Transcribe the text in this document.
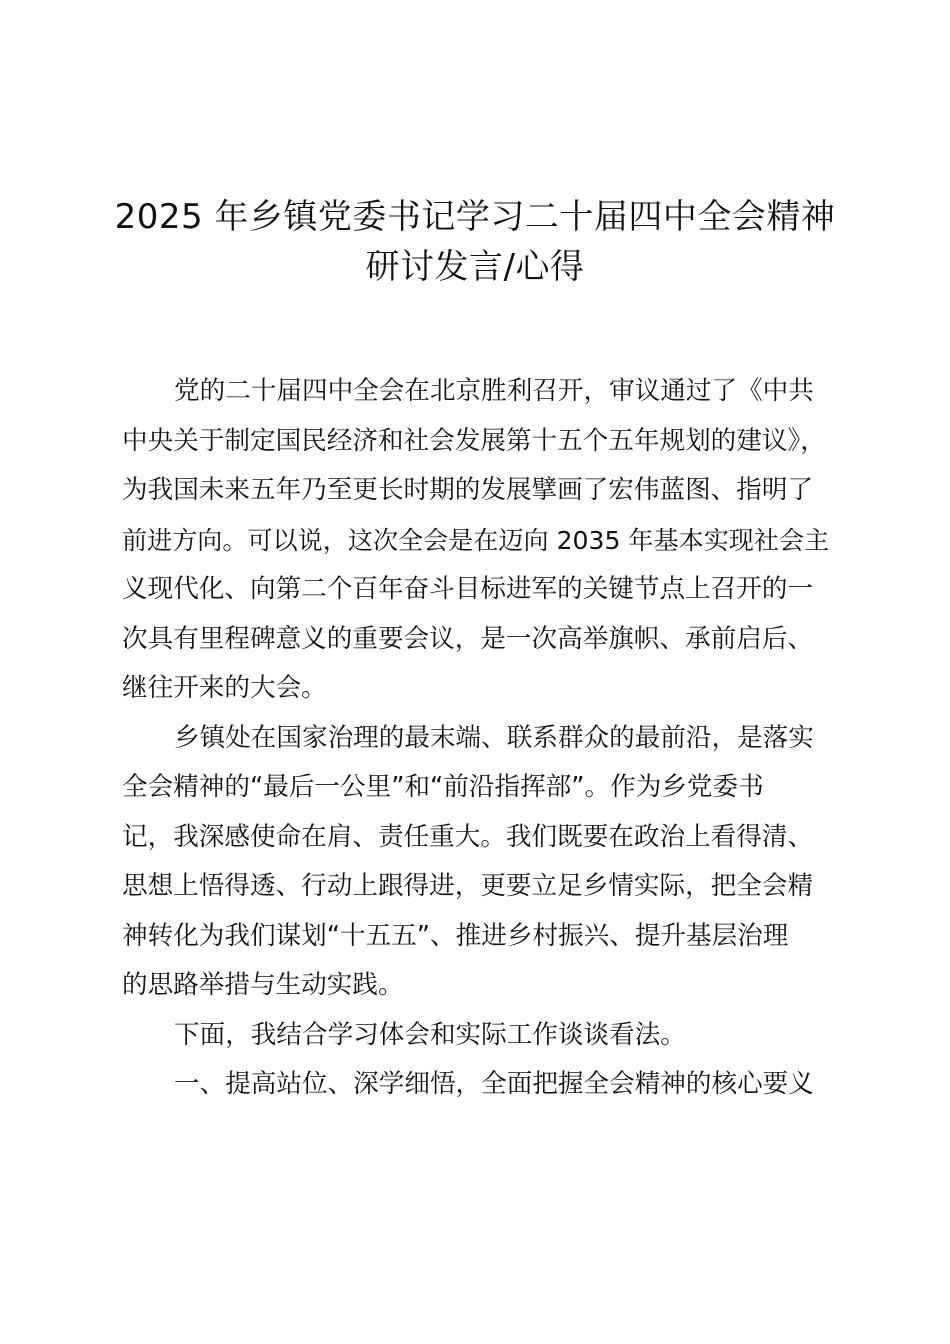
2025 年乡镇党委书记学习二十届四中全会精神
研讨发言/心得
党的二十届四中全会在北京胜利召开，审议通过了《中共
中央关于制定国民经济和社会发展第十五个五年规划的建议》，
为我国未来五年乃至更长时期的发展擘画了宏伟蓝图、指明了
前进方向。可以说，这次全会是在迈向 2035 年基本实现社会主
义现代化、向第二个百年奋斗目标进军的关键节点上召开的一
次具有里程碑意义的重要会议，是一次高举旗帜、承前启后、
继往开来的大会。
乡镇处在国家治理的最末端、联系群众的最前沿，是落实
全会精神的“最后一公里”和“前沿指挥部”。作为乡党委书
记，我深感使命在肩、责任重大。我们既要在政治上看得清、
思想上悟得透、行动上跟得进，更要立足乡情实际，把全会精
神转化为我们谋划“十五五”、推进乡村振兴、提升基层治理
的思路举措与生动实践。
下面，我结合学习体会和实际工作谈谈看法。
一、提高站位、深学细悟，全面把握全会精神的核心要义
